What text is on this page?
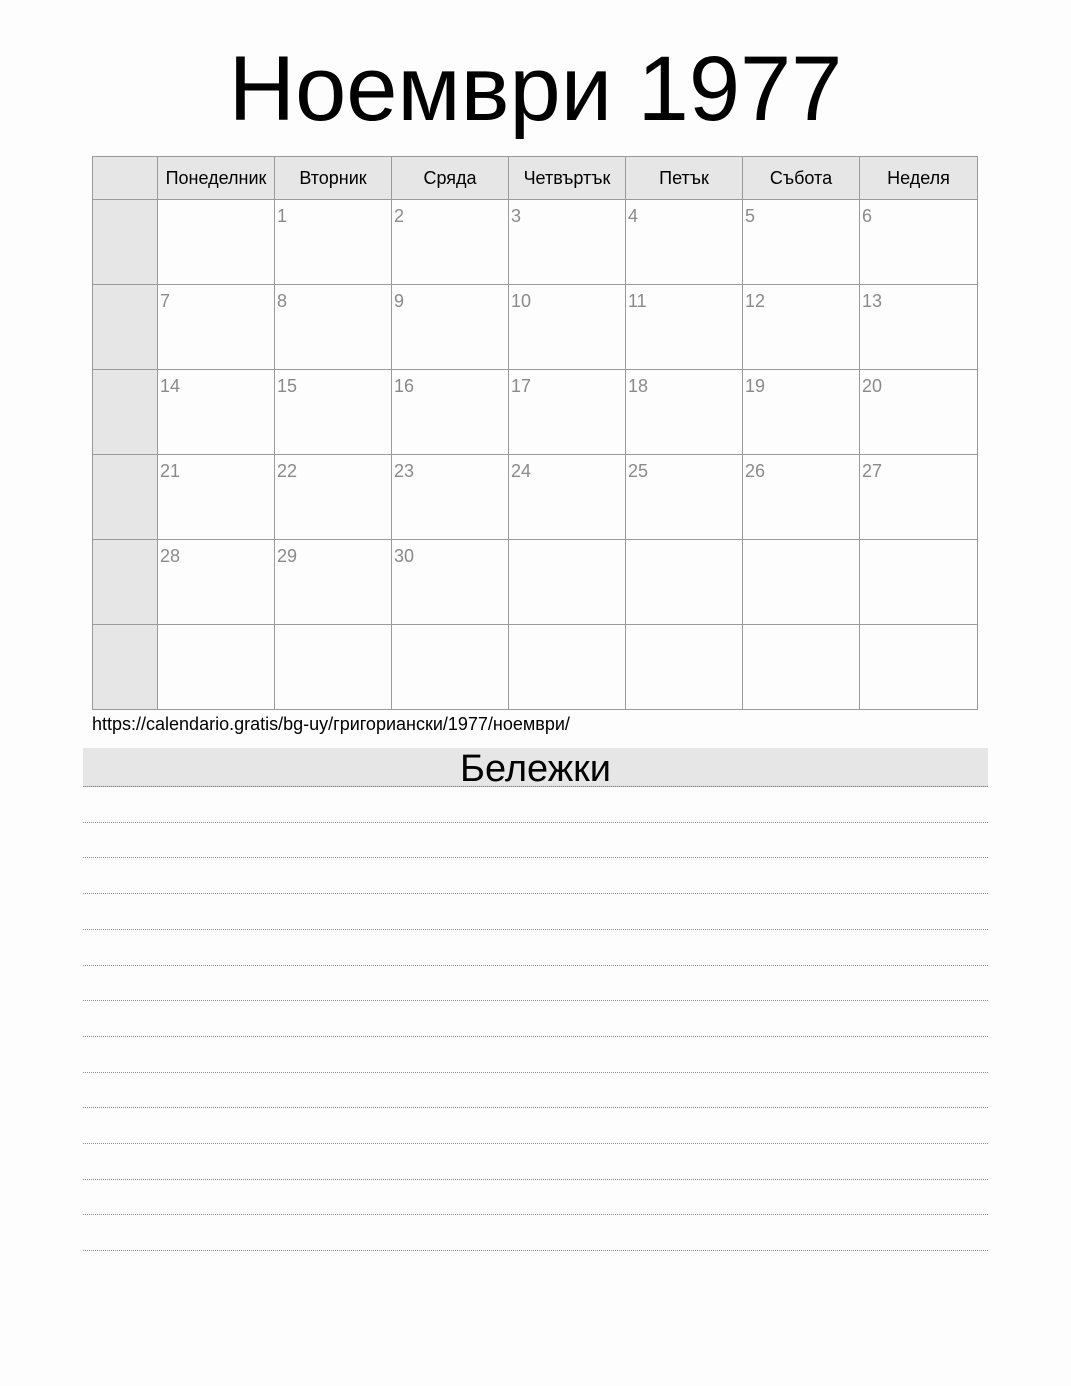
Ноември 1977
	Понеделник	Вторник	Сряда	Четвъртък	Петък	Събота	Неделя

		1	2	3	4	5	6

	7	8	9	10	11	12	13

	14	15	16	17	18	19	20

	21	22	23	24	25	26	27

	28	29	30				

https://calendario.gratis/bg-uy/григориански/1977/ноември/
Бележки
